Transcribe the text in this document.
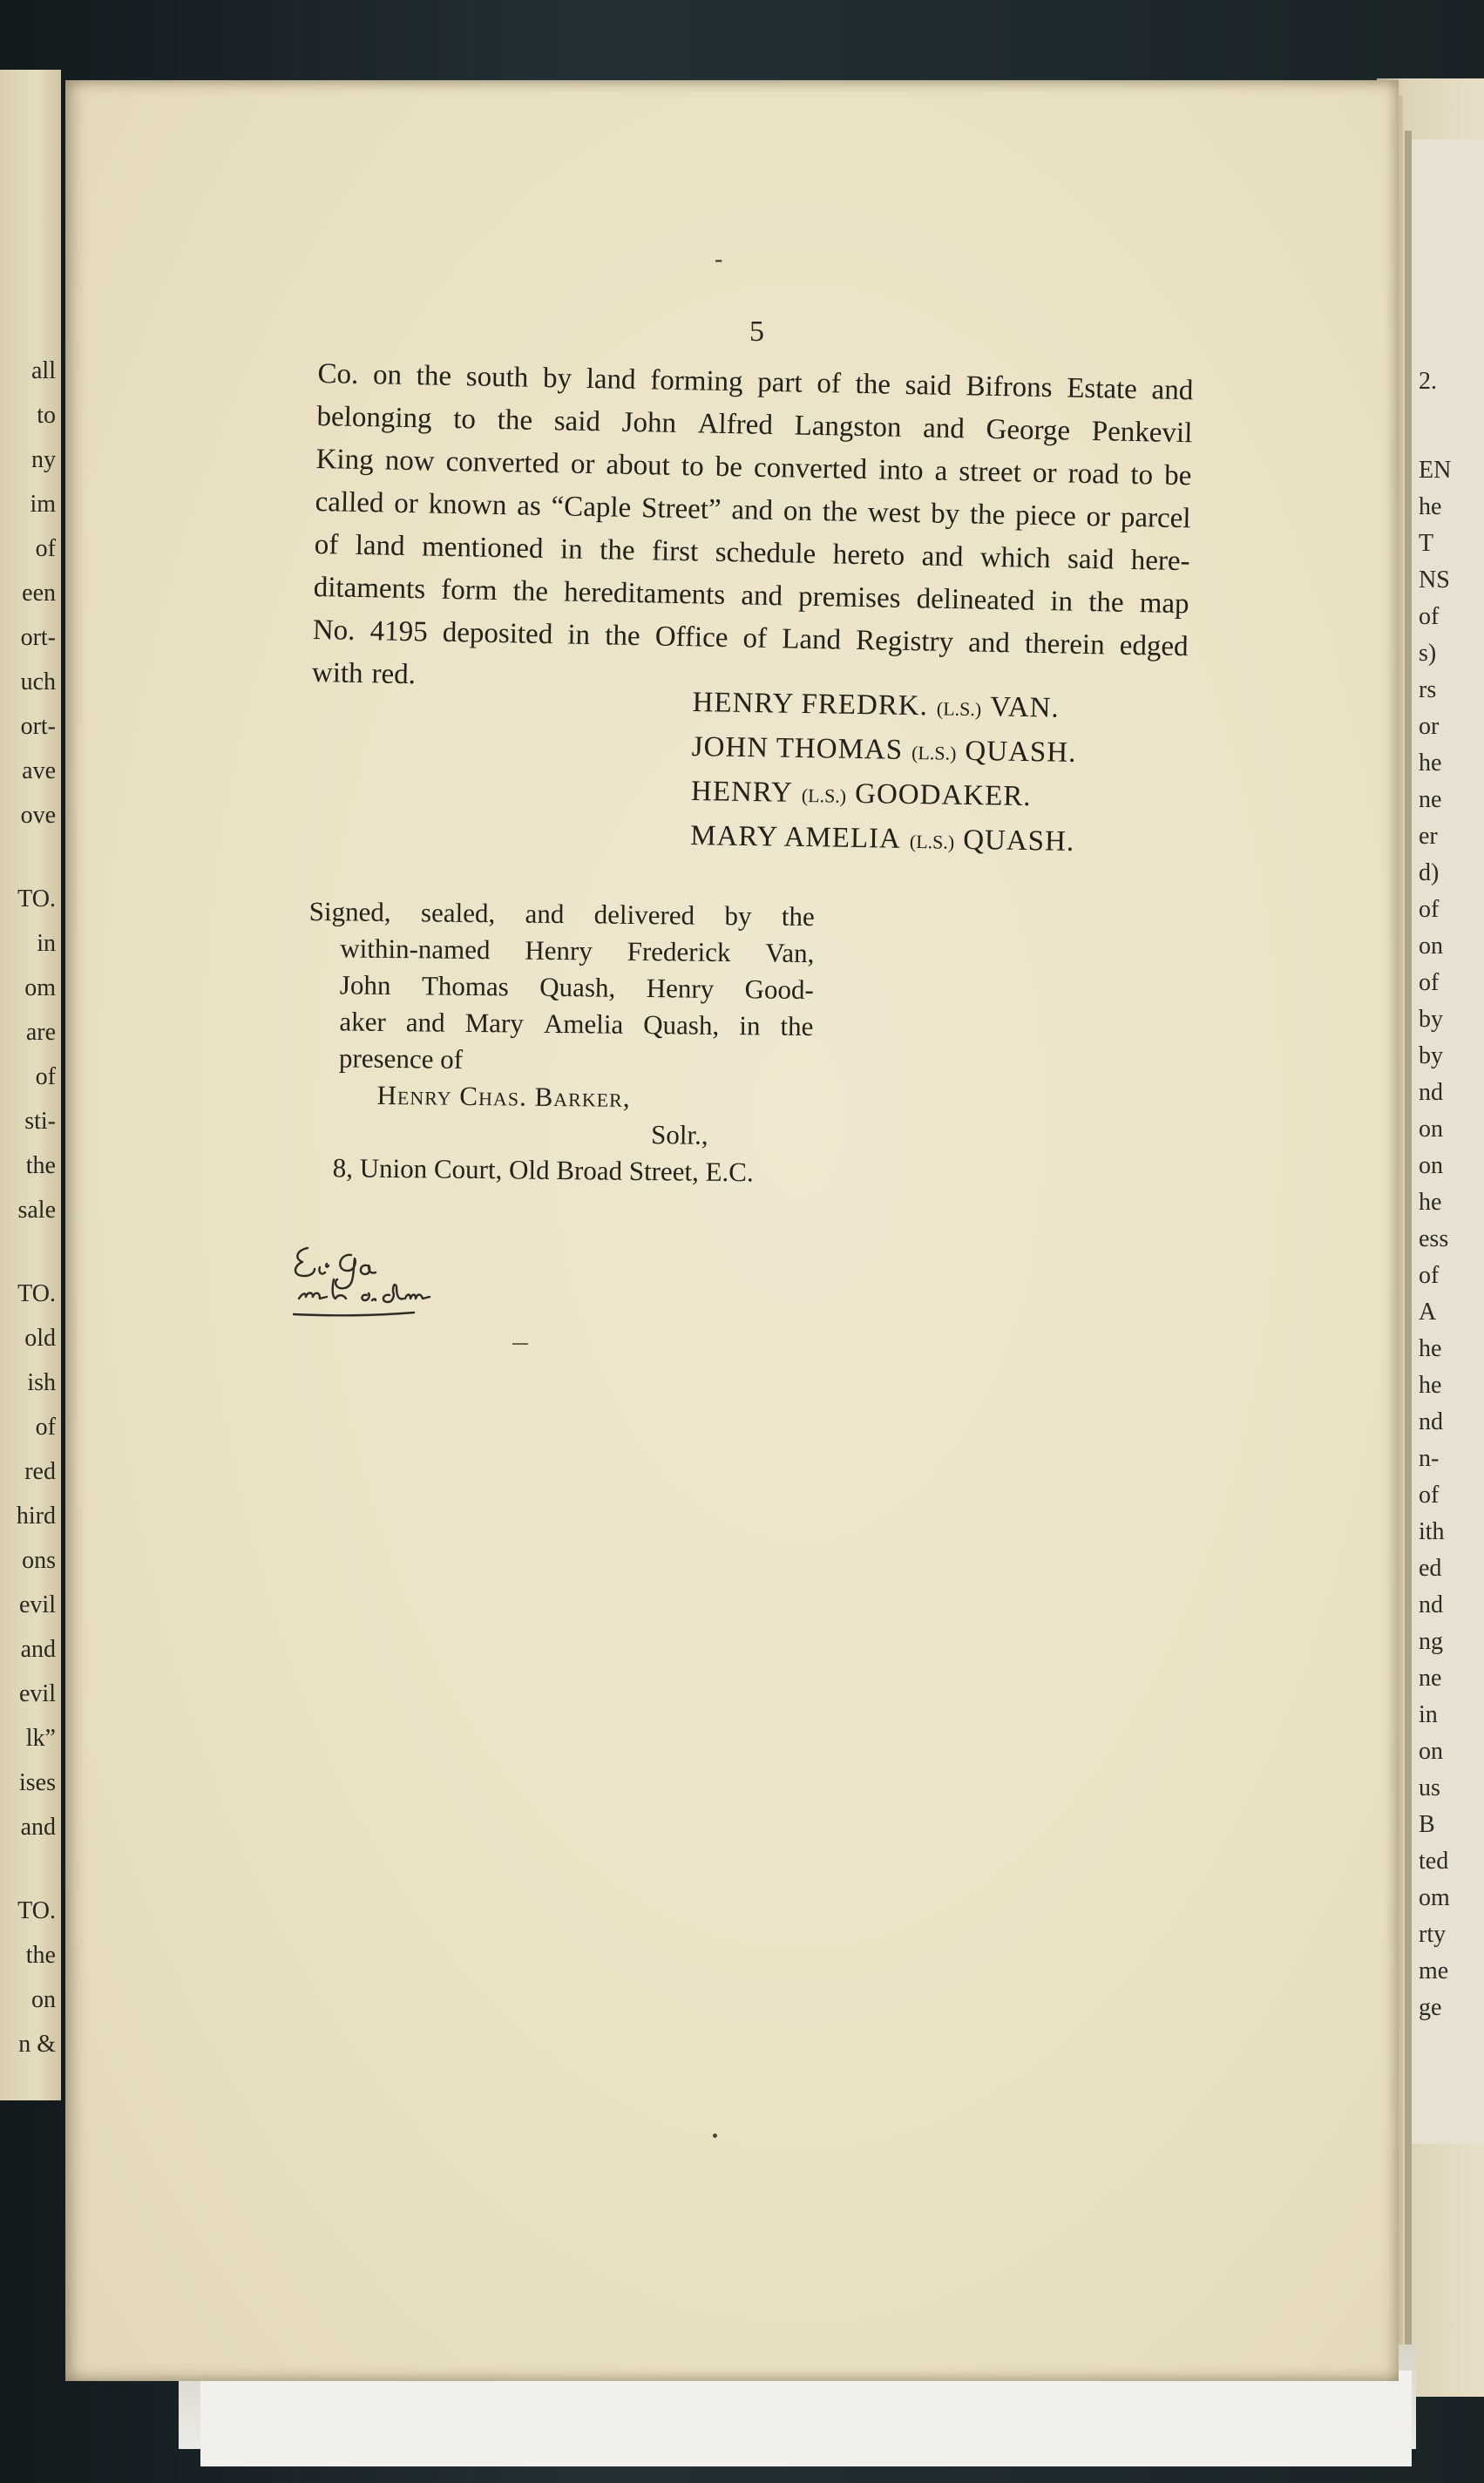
all
to
ny
im
of
een
ort-
uch
ort-
ave
ove
TO.
in
om
are
of
sti-
the
sale
TO.
old
ish
of
red
hird
ons
evil
and
evil
lk”
ises
and
TO.
the
on
n &
2.
EN
he
T
NS
of
s)
rs
or
he
ne
er
d)
of
on
of
by
by
nd
on
on
he
ess
of
A
he
he
nd
n-
of
ith
ed
nd
ng
ne
in
on
us
B
ted
om
rty
me
ge
-
5
Co. on the south by land forming part of the said Bifrons Estate and
belonging to the said John Alfred Langston and George Penkevil
King now converted or about to be converted into a street or road to be
called or known as “Caple Street” and on the west by the piece or parcel
of land mentioned in the first schedule hereto and which said here-
ditaments form the hereditaments and premises delineated in the map
No. 4195 deposited in the Office of Land Registry and therein edged
with red.
HENRY FREDRK. (L.S.) VAN.
JOHN THOMAS (L.S.) QUASH.
HENRY (L.S.) GOODAKER.
MARY AMELIA (L.S.) QUASH.
Signed, sealed, and delivered by the
within-named Henry Frederick Van,
John Thomas Quash, Henry Good-
aker and Mary Amelia Quash, in the
presence of
Henry Chas. Barker,
Solr.,
8, Union Court, Old Broad Street, E.C.
